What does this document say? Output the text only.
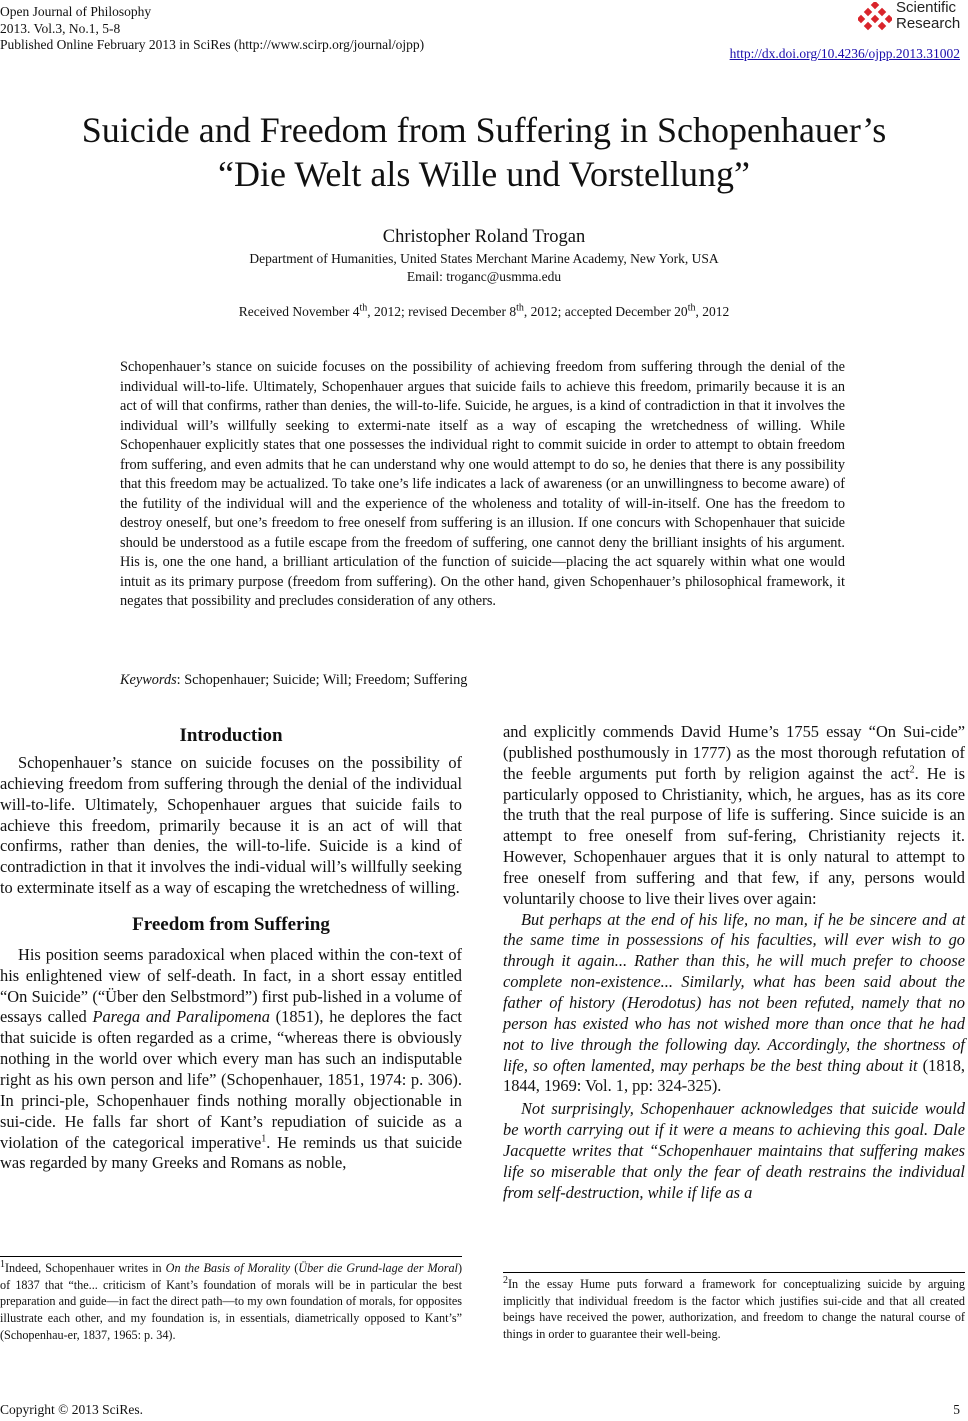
Open Journal of Philosophy
2013. Vol.3, No.1, 5-8
Published Online February 2013 in SciRes (http://www.scirp.org/journal/ojpp)
Scientific
Research
http://dx.doi.org/10.4236/ojpp.2013.31002
Suicide and Freedom from Suffering in Schopenhauer’s
“Die Welt als Wille und Vorstellung”
Christopher Roland Trogan
Department of Humanities, United States Merchant Marine Academy, New York, USA
Email: troganc@usmma.edu
Received November 4th, 2012; revised December 8th, 2012; accepted December 20th, 2012
Schopenhauer’s stance on suicide focuses on the possibility of achieving freedom from suffering through the denial of the individual will-to-life. Ultimately, Schopenhauer argues that suicide fails to achieve this freedom, primarily because it is an act of will that confirms, rather than denies, the will-to-life. Suicide, he argues, is a kind of contradiction in that it involves the individual will’s willfully seeking to extermi-nate itself as a way of escaping the wretchedness of willing. While Schopenhauer explicitly states that one possesses the individual right to commit suicide in order to attempt to obtain freedom from suffering, and even admits that he can understand why one would attempt to do so, he denies that there is any possibility that this freedom may be actualized. To take one’s life indicates a lack of awareness (or an unwillingness to become aware) of the futility of the individual will and the experience of the wholeness and totality of will-in-itself. One has the freedom to destroy oneself, but one’s freedom to free oneself from suffering is an illusion. If one concurs with Schopenhauer that suicide should be understood as a futile escape from the freedom of suffering, one cannot deny the brilliant insights of his argument. His is, one the one hand, a brilliant articulation of the function of suicide—placing the act squarely within what one would intuit as its primary purpose (freedom from suffering). On the other hand, given Schopenhauer’s philosophical framework, it negates that possibility and precludes consideration of any others.
Keywords: Schopenhauer; Suicide; Will; Freedom; Suffering
Introduction

Schopenhauer’s stance on suicide focuses on the possibility of achieving freedom from suffering through the denial of the individual will-to-life. Ultimately, Schopenhauer argues that suicide fails to achieve this freedom, primarily because it is an act of will that confirms, rather than denies, the will-to-life. Suicide is a kind of contradiction in that it involves the indi-vidual will’s willfully seeking to exterminate itself as a way of escaping the wretchedness of willing.

Freedom from Suffering

His position seems paradoxical when placed within the con-text of his enlightened view of self-death. In fact, in a short essay entitled “On Suicide” (“Über den Selbstmord”) first pub-lished in a volume of essays called Parega and Paralipomena (1851), he deplores the fact that suicide is often regarded as a crime, “whereas there is obviously nothing in the world over which every man has such an indisputable right as his own person and life” (Schopenhauer, 1851, 1974: p. 306). In princi-ple, Schopenhauer finds nothing morally objectionable in sui-cide. He falls far short of Kant’s repudiation of suicide as a violation of the categorical imperative$^1$. He reminds us that suicide was regarded by many Greeks and Romans as noble,

and explicitly commends David Hume’s 1755 essay “On Sui-cide” (published posthumously in 1777) as the most thorough refutation of the feeble arguments put forth by religion against the act$^2$. He is particularly opposed to Christianity, which, he argues, has as its core the truth that the real purpose of life is suffering. Since suicide is an attempt to free oneself from suf-fering, Christianity rejects it. However, Schopenhauer argues that it is only natural to attempt to free oneself from suffering and that few, if any, persons would voluntarily choose to live their lives over again:

But perhaps at the end of his life, no man, if he be sincere and at the same time in possessions of his faculties, will ever wish to go through it again... Rather than this, he will much prefer to choose complete non-existence... Similarly, what has been said about the father of history (Herodotus) has not been refuted, namely that no person has existed who has not wished more than once that he had not to live through the following day. Accordingly, the shortness of life, so often lamented, may perhaps be the best thing about it (1818, 1844, 1969: Vol. 1, pp: 324-325).

Not surprisingly, Schopenhauer acknowledges that suicide would be worth carrying out if it were a means to achieving this goal. Dale Jacquette writes that “Schopenhauer maintains that suffering makes life so miserable that only the fear of death restrains the individual from self-destruction, while if life as a

$^1$Indeed, Schopenhauer writes in On the Basis of Morality (Über die Grund-lage der Moral) of 1837 that “the... criticism of Kant’s foundation of morals will be in particular the best preparation and guide—in fact the direct path—to my own foundation of morals, for opposites illustrate each other, and my foundation is, in essentials, diametrically opposed to Kant’s” (Schopenhau-er, 1837, 1965: p. 34).
$^2$In the essay Hume puts forward a framework for conceptualizing suicide by arguing implicitly that individual freedom is the factor which justifies sui-cide and that all created beings have received the power, authorization, and freedom to change the natural course of things in order to guarantee their well-being.
Copyright © 2013 SciRes.	5
